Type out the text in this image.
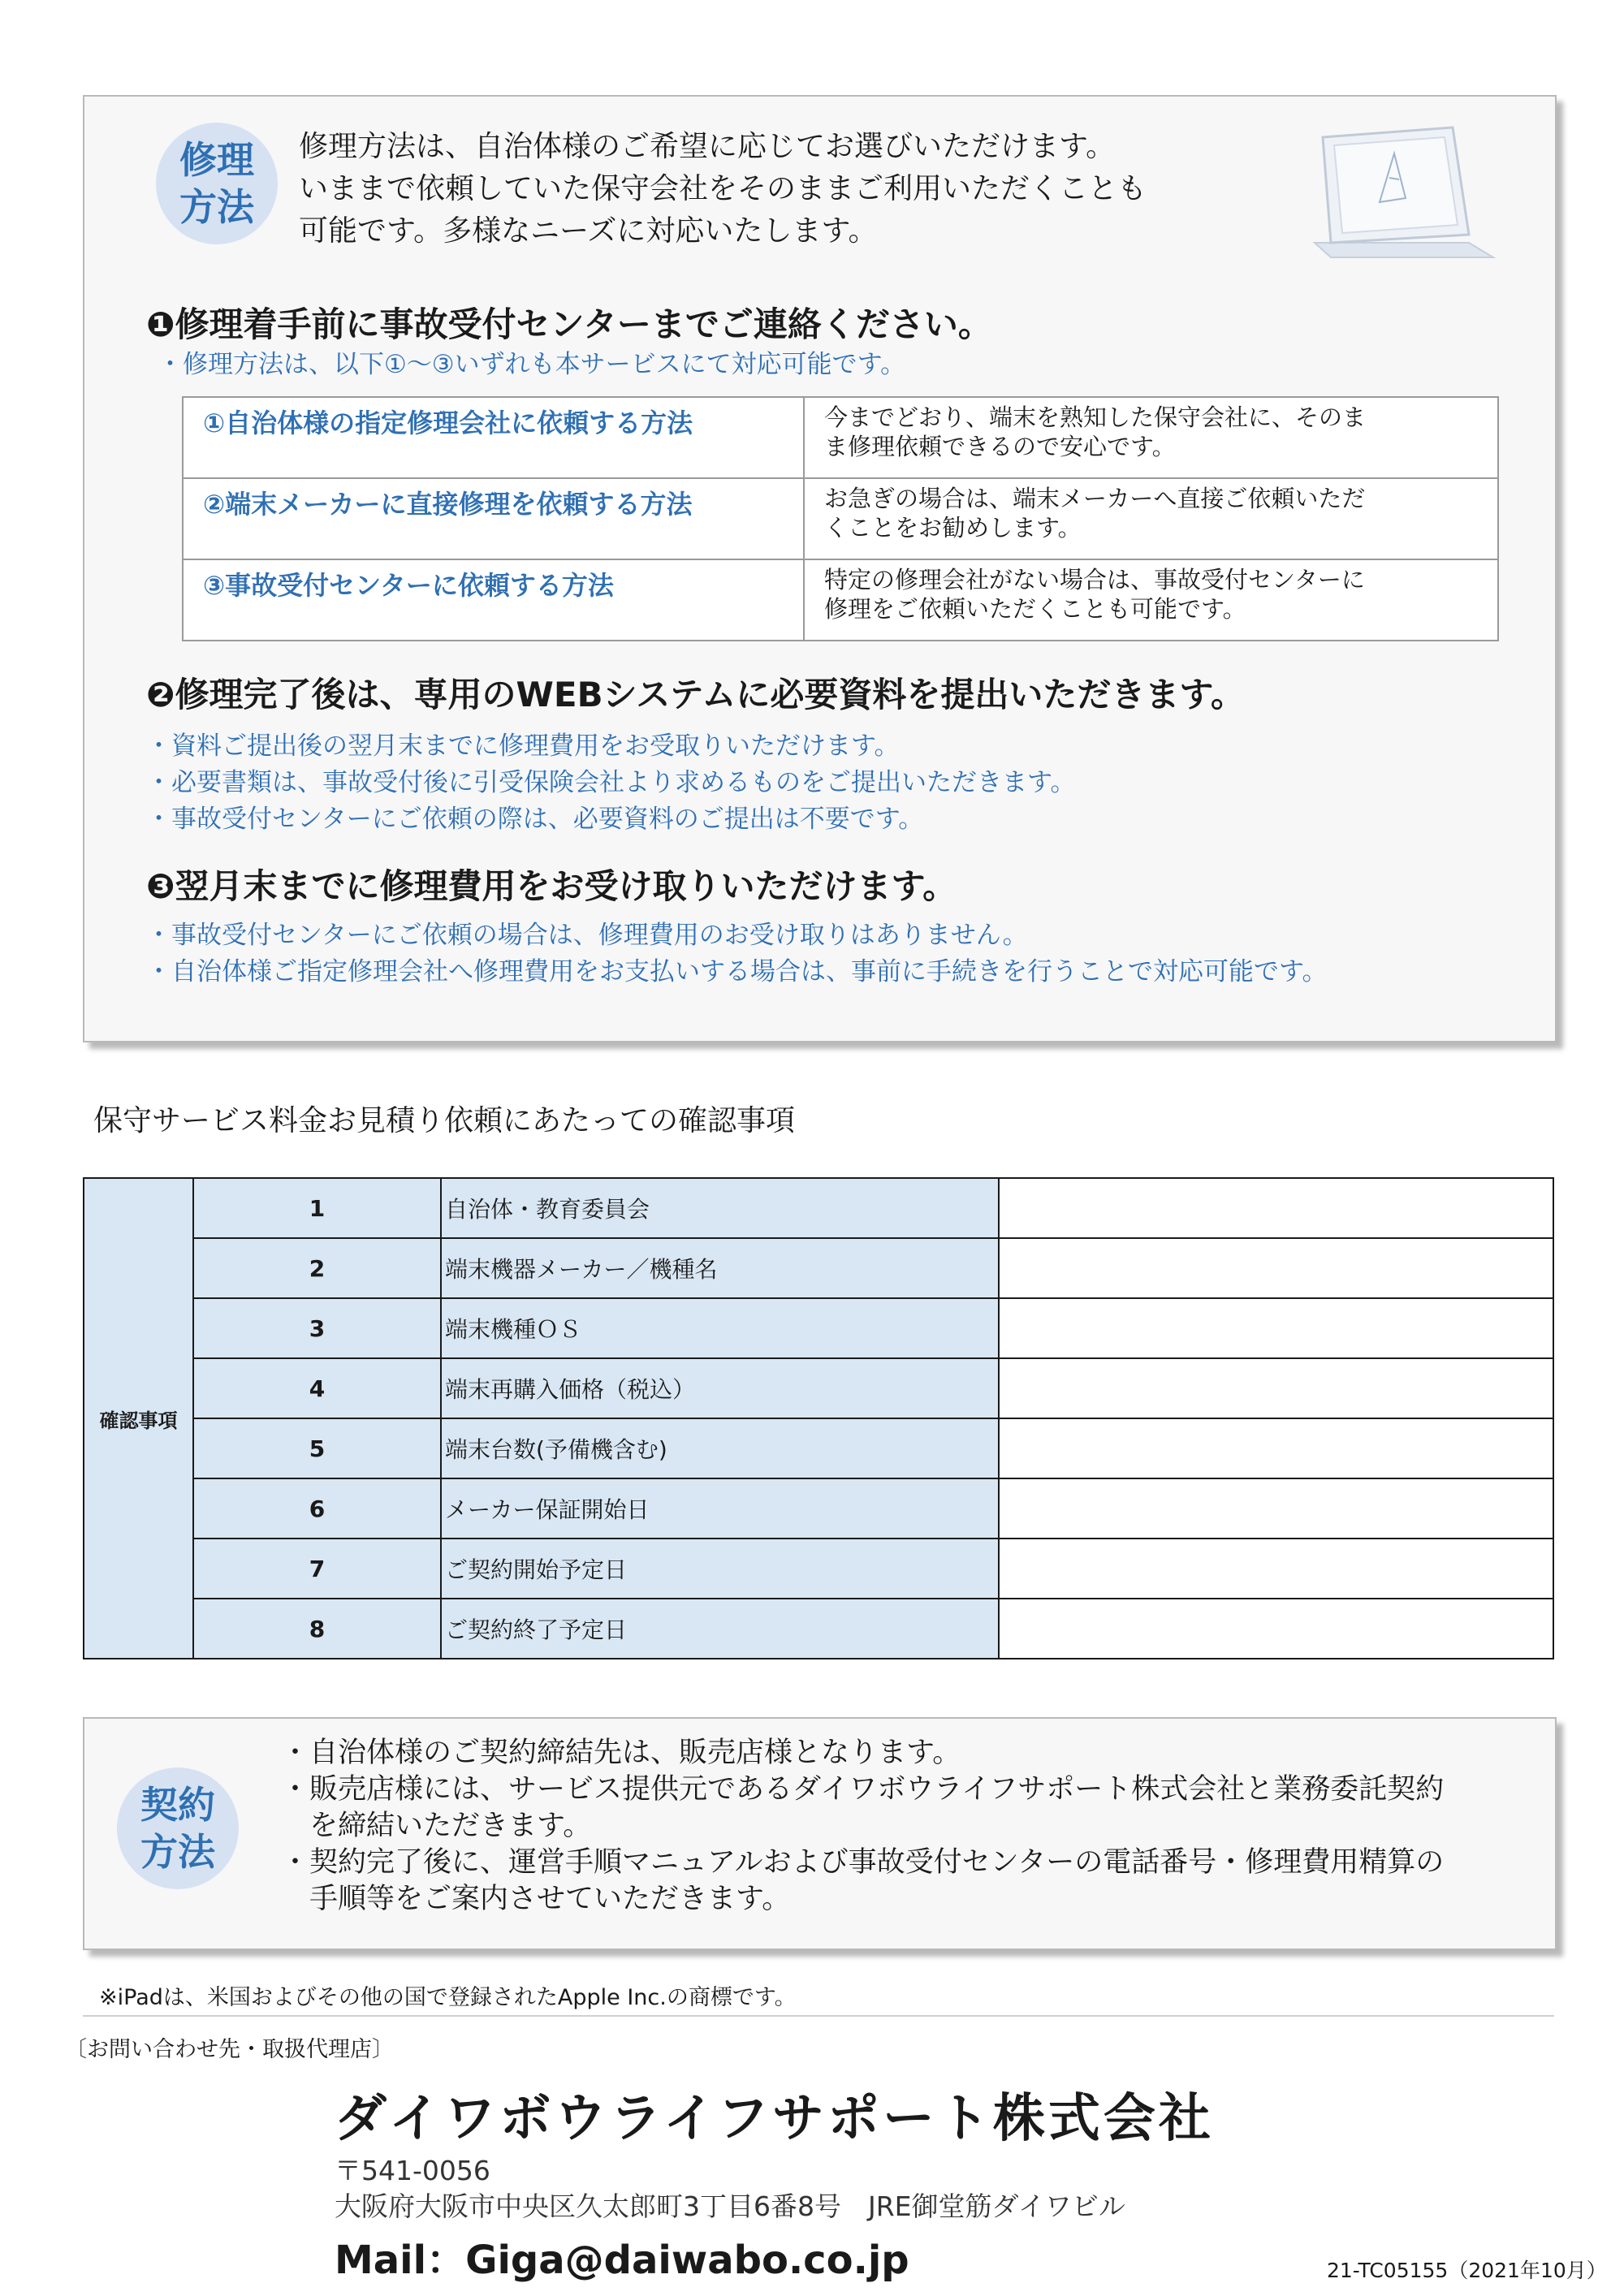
修理
方法
修理方法は、自治体様のご希望に応じてお選びいただけます。
いままで依頼していた保守会社をそのままご利用いただくことも
可能です。多様なニーズに対応いたします。
❶修理着手前に事故受付センターまでご連絡ください。
・修理方法は、以下①～③いずれも本サービスにて対応可能です。
①自治体様の指定修理会社に依頼する方法	今までどおり、端末を熟知した保守会社に、そのま
ま修理依頼できるので安心です。

②端末メーカーに直接修理を依頼する方法	お急ぎの場合は、端末メーカーへ直接ご依頼いただ
くことをお勧めします。

③事故受付センターに依頼する方法	特定の修理会社がない場合は、事故受付センターに
修理をご依頼いただくことも可能です。
❷修理完了後は、専用のWEBシステムに必要資料を提出いただきます。
・資料ご提出後の翌月末までに修理費用をお受取りいただけます。
・必要書類は、事故受付後に引受保険会社より求めるものをご提出いただきます。
・事故受付センターにご依頼の際は、必要資料のご提出は不要です。
❸翌月末までに修理費用をお受け取りいただけます。
・事故受付センターにご依頼の場合は、修理費用のお受け取りはありません。
・自治体様ご指定修理会社へ修理費用をお支払いする場合は、事前に手続きを行うことで対応可能です。
保守サービス料金お見積り依頼にあたっての確認事項
確認事項	1	自治体・教育委員会	
	2	端末機器メーカー／機種名	
	3	端末機種ＯＳ	
	4	端末再購入価格（税込）	
	5	端末台数(予備機含む)	
	6	メーカー保証開始日	
	7	ご契約開始予定日	
	8	ご契約終了予定日	
契約
方法
・自治体様のご契約締結先は、販売店様となります。
・販売店様には、サービス提供元であるダイワボウライフサポート株式会社と業務委託契約
　を締結いただきます。
・契約完了後に、運営手順マニュアルおよび事故受付センターの電話番号・修理費用精算の
　手順等をご案内させていただきます。
※iPadは、米国およびその他の国で登録されたApple Inc.の商標です。
〔お問い合わせ先・取扱代理店〕
ダイワボウライフサポート株式会社
〒541-0056
大阪府大阪市中央区久太郎町3丁目6番8号　JRE御堂筋ダイワビル
Mail：Giga@daiwabo.co.jp	21-TC05155（2021年10月）
